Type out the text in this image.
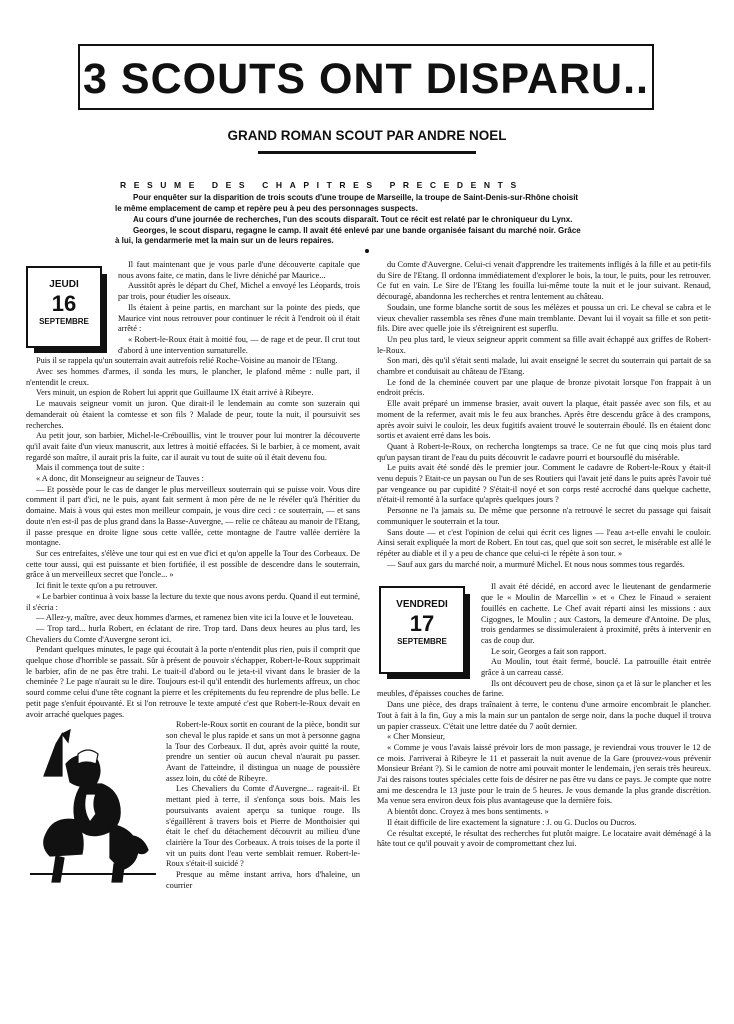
3 SCOUTS ONT DISPARU..
GRAND ROMAN SCOUT PAR ANDRE NOEL
RESUME DES CHAPITRES PRECEDENTS

Pour enquêter sur la disparition de trois scouts d'une troupe de Marseille, la troupe de Saint-Denis-sur-Rhône choisit le même emplacement de camp et repère peu à peu des personnages suspects.

Au cours d'une journée de recherches, l'un des scouts disparaît. Tout ce récit est relaté par le chroniqueur du Lynx.

Georges, le scout disparu, regagne le camp. Il avait été enlevé par une bande organisée faisant du marché noir. Grâce à lui, la gendarmerie met la main sur un de leurs repaires.

JEUDI
16
SEPTEMBRE

Il faut maintenant que je vous parle d'une découverte capitale que nous avons faite, ce matin, dans le livre déniché par Maurice...

Aussitôt après le départ du Chef, Michel a envoyé les Léopards, trois par trois, pour étudier les oiseaux.

Ils étaient à peine partis, en marchant sur la pointe des pieds, que Maurice vint nous retrouver pour continuer le récit à l'endroit où il était arrêté :

« Robert-le-Roux était à moitié fou, — de rage et de peur. Il crut tout d'abord à une intervention surnaturelle.

Puis il se rappela qu'un souterrain avait autrefois relié Roche-Voisine au manoir de l'Etang.

Avec ses hommes d'armes, il sonda les murs, le plancher, le plafond même : nulle part, il n'entendit le creux.

Vers minuit, un espion de Robert lui apprit que Guillaume IX était arrivé à Ribeyre.

Le mauvais seigneur vomit un juron. Que dirait-il le lendemain au comte son suzerain qui demanderait où étaient la comtesse et son fils ? Malade de peur, toute la nuit, il poursuivit ses recherches.

Au petit jour, son barbier, Michel-le-Crébouillis, vint le trouver pour lui montrer la découverte qu'il avait faite d'un vieux manuscrit, aux lettres à moitié effacées. Si le barbier, à ce moment, avait regardé son maître, il aurait pris la fuite, car il aurait vu tout de suite où il était devenu fou.

Mais il commença tout de suite :

« A donc, dit Monseigneur au seigneur de Tauves :

— Et possède pour le cas de danger le plus merveilleux souterrain qui se puisse voir. Vous dire comment il part d'ici, ne le puis, ayant fait serment à mon père de ne le révéler qu'à l'héritier du domaine. Mais à vous qui estes mon meilleur compain, je vous dire ceci : ce souterrain, — et sans doute n'en est-il pas de plus grand dans la Basse-Auvergne, — relie ce château au manoir de l'Etang, il passe presque en droite ligne sous cette vallée, cette montagne de l'autre vallée derrière la montagne.

Sur ces entrefaites, s'élève une tour qui est en vue d'ici et qu'on appelle la Tour des Corbeaux. De cette tour aussi, qui est puissante et bien fortifiée, il est possible de descendre dans le souterrain, grâce à un merveilleux secret que l'oncle... »

Ici finit le texte qu'on a pu retrouver.

« Le barbier continua à voix basse la lecture du texte que nous avons perdu. Quand il eut terminé, il s'écria :

— Allez-y, maître, avec deux hommes d'armes, et ramenez bien vite ici la louve et le louveteau.

— Trop tard... hurla Robert, en éclatant de rire. Trop tard. Dans deux heures au plus tard, les Chevaliers du Comte d'Auvergne seront ici.

Pendant quelques minutes, le page qui écoutait à la porte n'entendit plus rien, puis il comprit que quelque chose d'horrible se passait. Sûr à présent de pouvoir s'échapper, Robert-le-Roux supprimait le barbier, afin de ne pas être trahi. Le tuait-il d'abord ou le jeta-t-il vivant dans le brasier de la cheminée ? Le page n'aurait su le dire. Toujours est-il qu'il entendit des hurlements affreux, un choc sourd comme celui d'une tête cognant la pierre et les crépitements du feu reprendre de plus belle. Le petit page s'enfuit épouvanté. Et si l'on retrouve le texte amputé c'est que Robert-le-Roux devait en avoir arraché quelques pages.

Robert-le-Roux sortit en courant de la pièce, bondit sur son cheval le plus rapide et sans un mot à personne gagna la Tour des Corbeaux. Il dut, après avoir quitté la route, prendre un sentier où aucun cheval n'aurait pu passer. Avant de l'atteindre, il distingua un nuage de poussière assez loin, du côté de Ribeyre.

Les Chevaliers du Comte d'Auvergne... rageait-il. Et mettant pied à terre, il s'enfonça sous bois. Mais les poursuivants avaient aperçu sa tunique rouge. Ils s'égaillèrent à travers bois et Pierre de Monthoisier qui était le chef du détachement découvrit au milieu d'une clairière la Tour des Corbeaux. A trois toises de la porte il vit un puits dont l'eau verte semblait remuer. Robert-le-Roux s'était-il suicidé ?

Presque au même instant arriva, hors d'haleine, un courrier

du Comte d'Auvergne. Celui-ci venait d'apprendre les traitements infligés à la fille et au petit-fils du Sire de l'Etang. Il ordonna immédiatement d'explorer le bois, la tour, le puits, pour les retrouver. Ce fut en vain. Le Sire de l'Etang les fouilla lui-même toute la nuit et le jour suivant. Renaud, découragé, abandonna les recherches et rentra lentement au château.

Soudain, une forme blanche sortit de sous les mélèzes et poussa un cri. Le cheval se cabra et le vieux chevalier rassembla ses rênes d'une main tremblante. Devant lui il voyait sa fille et son petit-fils. Dire avec quelle joie ils s'étreignirent est superflu.

Un peu plus tard, le vieux seigneur apprit comment sa fille avait échappé aux griffes de Robert-le-Roux.

Son mari, dès qu'il s'était senti malade, lui avait enseigné le secret du souterrain qui partait de sa chambre et conduisait au château de l'Etang.

Le fond de la cheminée couvert par une plaque de bronze pivotait lorsque l'on frappait à un endroit précis.

Elle avait préparé un immense brasier, avait ouvert la plaque, était passée avec son fils, et au moment de la refermer, avait mis le feu aux branches. Après être descendu grâce à des crampons, après avoir suivi le couloir, les deux fugitifs avaient trouvé le souterrain éboulé. Ils en étaient donc sortis et avaient erré dans les bois.

Quant à Robert-le-Roux, on rechercha longtemps sa trace. Ce ne fut que cinq mois plus tard qu'un paysan tirant de l'eau du puits découvrit le cadavre pourri et boursouflé du misérable.

Le puits avait été sondé dès le premier jour. Comment le cadavre de Robert-le-Roux y était-il venu depuis ? Etait-ce un paysan ou l'un de ses Routiers qui l'avait jeté dans le puits après l'avoir tué par vengeance ou par cupidité ? S'était-il noyé et son corps resté accroché dans quelque cachette, n'était-il remonté à la surface qu'après quelques jours ?

Personne ne l'a jamais su. De même que personne n'a retrouvé le secret du passage qui faisait communiquer le souterrain et la tour.

Sans doute — et c'est l'opinion de celui qui écrit ces lignes — l'eau a-t-elle envahi le couloir. Ainsi serait expliquée la mort de Robert. En tout cas, quel que soit son secret, le misérable est allé le répéter au diable et il y a peu de chance que celui-ci le répète à son tour. »

— Sauf aux gars du marché noir, a murmuré Michel. Et nous nous sommes tous regardés.

VENDREDI
17
SEPTEMBRE

Il avait été décidé, en accord avec le lieutenant de gendarmerie que le « Moulin de Marcellin » et « Chez le Finaud » seraient fouillés en cachette. Le Chef avait réparti ainsi les missions : aux Cigognes, le Moulin ; aux Castors, la demeure d'Antoine. De plus, trois gendarmes se dissimuleraient à proximité, prêts à intervenir en cas de coup dur.

Le soir, Georges a fait son rapport.

Au Moulin, tout était fermé, bouclé. La patrouille était entrée grâce à un carreau cassé.

Ils ont découvert peu de chose, sinon ça et là sur le plancher et les meubles, d'épaisses couches de farine.

Dans une pièce, des draps traînaient à terre, le contenu d'une armoire encombrait le plancher. Tout à fait à la fin, Guy a mis la main sur un pantalon de serge noir, dans la poche duquel il trouva un papier crasseux. C'était une lettre datée du 7 août dernier.

« Cher Monsieur,

« Comme je vous l'avais laissé prévoir lors de mon passage, je reviendrai vous trouver le 12 de ce mois. J'arriverai à Ribeyre le 11 et passerait la nuit avenue de la Gare (prouvez-vous prévenir Monsieur Bréant ?). Si le camion de notre ami pouvait monter le lendemain, j'en serais très heureux. J'ai des raisons toutes spéciales cette fois de désirer ne pas être vu dans ce pays. Je compte que notre ami me descendra le 13 juste pour le train de 5 heures. Je vous demande la plus grande discrétion. Ma venue sera environ deux fois plus avantageuse que la dernière fois.

A bientôt donc. Croyez à mes bons sentiments. »

Il était difficile de lire exactement la signature : J. ou G. Duclos ou Ducros.

Ce résultat excepté, le résultat des recherches fut plutôt maigre. Le locataire avait déménagé à la hâte tout ce qu'il pouvait y avoir de compromettant chez lui.
